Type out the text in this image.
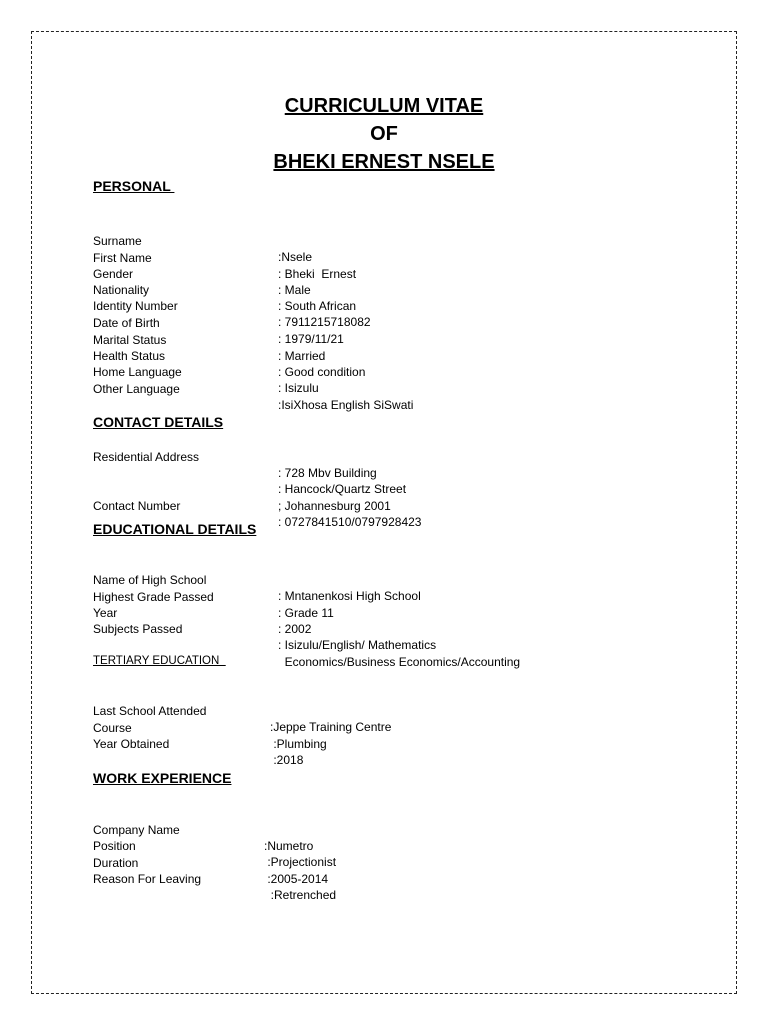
CURRICULUM VITAE
OF
BHEKI ERNEST NSELE
PERSONAL

Surname

:Nsele

First Name

: Bheki  Ernest

Gender

: Male

Nationality

: South African

Identity Number

: 7911215718082

Date of Birth

: 1979/11/21

Marital Status

: Married

Health Status

: Good condition

Home Language

: Isizulu

Other Language

:IsiXhosa English SiSwati

CONTACT DETAILS

Residential Address

: 728 Mbv Building

: Hancock/Quartz Street

; Johannesburg 2001

Contact Number

: 0727841510/0797928423

EDUCATIONAL DETAILS

Name of High School

: Mntanenkosi High School

Highest Grade Passed

: Grade 11

Year

: 2002

Subjects Passed

: Isizulu/English/ Mathematics

Economics/Business Economics/Accounting

TERTIARY EDUCATION

Last School Attended

:Jeppe Training Centre

Course

:Plumbing

Year Obtained

:2018

WORK EXPERIENCE

Company Name

:Numetro

Position

:Projectionist

Duration

:2005-2014

Reason For Leaving

:Retrenched
